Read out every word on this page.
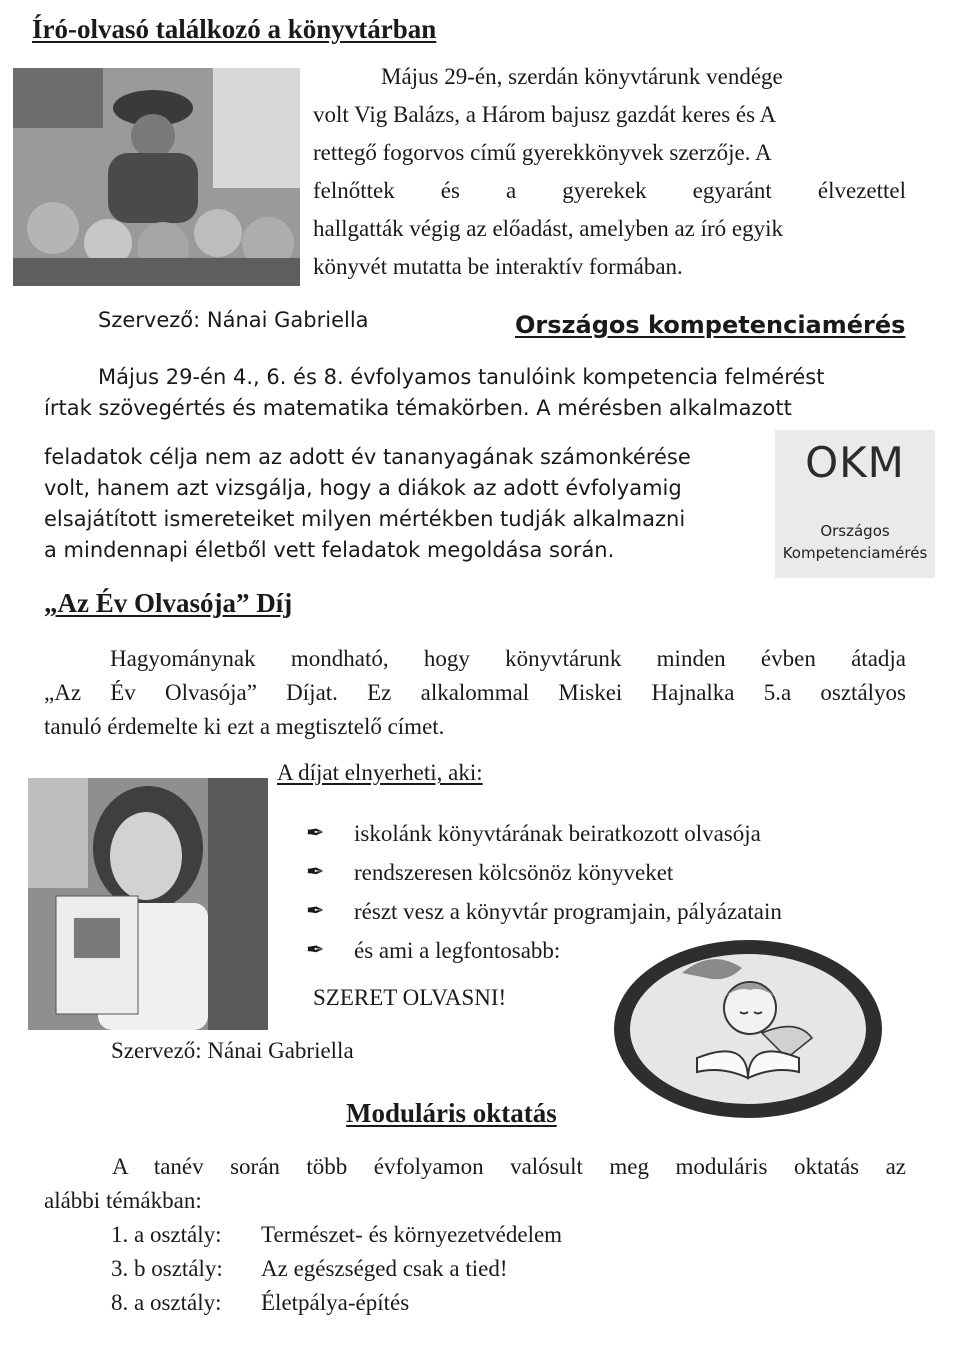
Író-olvasó találkozó a könyvtárban
Május 29-én, szerdán könyvtárunk vendége
volt Vig Balázs, a Három bajusz gazdát keres és A
rettegő fogorvos című gyerekkönyvek szerzője. A
felnőttek és a gyerekek egyaránt élvezettel
hallgatták végig az előadást, amelyben az író egyik
könyvét mutatta be interaktív formában.
Szervező: Nánai Gabriella	Országos kompetenciamérés
Május 29-én 4., 6. és 8. évfolyamos tanulóink kompetencia felmérést
írtak szövegértés és matematika témakörben. A mérésben alkalmazott
feladatok célja nem az adott év tananyagának számonkérése
volt, hanem azt vizsgálja, hogy a diákok az adott évfolyamig
elsajátított ismereteiket milyen mértékben tudják alkalmazni
a mindennapi életből vett feladatok megoldása során.
OKM
Országos
Kompetenciamérés
„Az Év Olvasója” Díj
Hagyománynak mondható, hogy könyvtárunk minden évben átadja
„Az Év Olvasója” Díjat. Ez alkalommal Miskei Hajnalka 5.a osztályos
tanuló érdemelte ki ezt a megtisztelő címet.
A díjat elnyerheti, aki:
✒ iskolánk könyvtárának beiratkozott olvasója
✒ rendszeresen kölcsönöz könyveket
✒ részt vesz a könyvtár programjain, pályázatain
✒ és ami a legfontosabb:
SZERET OLVASNI!
Szervező: Nánai Gabriella
Moduláris oktatás
A tanév során több évfolyamon valósult meg moduláris oktatás az
alábbi témákban:
1. a osztály: Természet- és környezetvédelem
3. b osztály: Az egészséged csak a tied!
8. a osztály: Életpálya-építés
